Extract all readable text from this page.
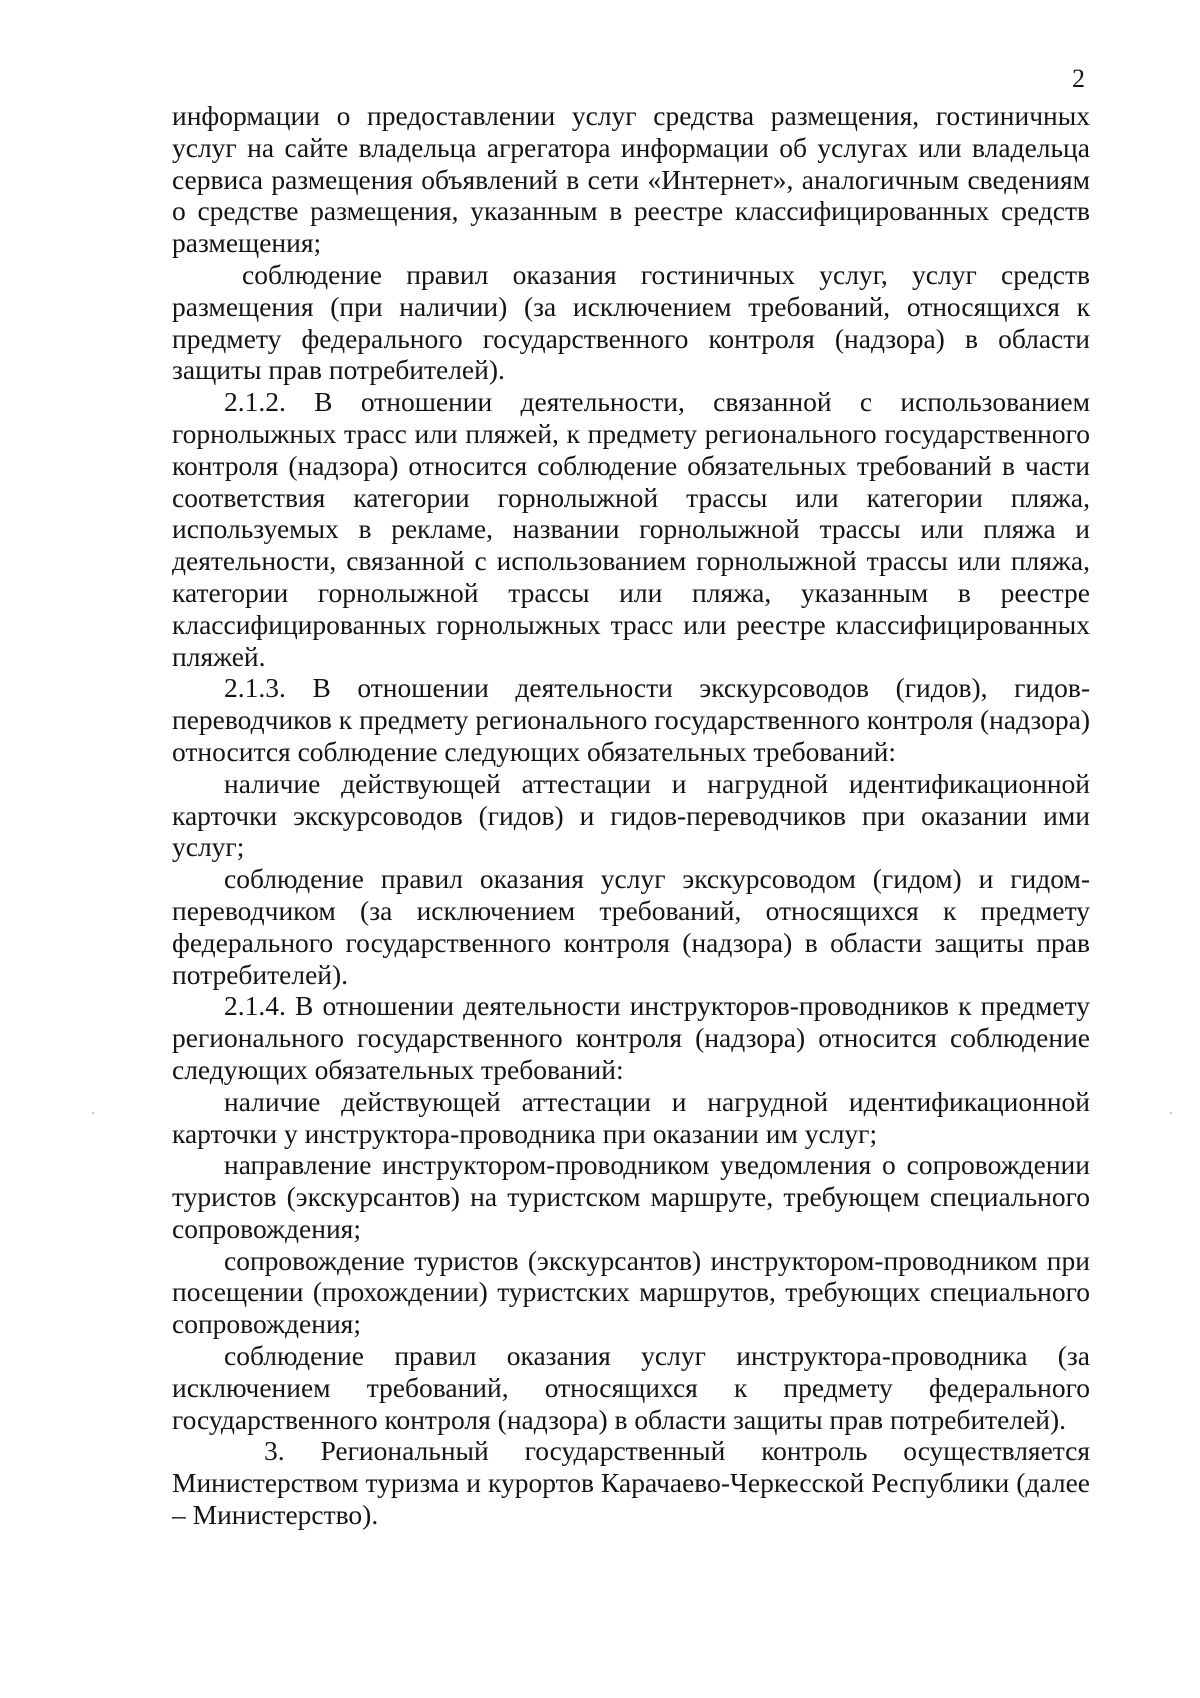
2

информации о предоставлении услуг средства размещения, гостиничных услуг на сайте владельца агрегатора информации об услугах или владельца сервиса размещения объявлений в сети «Интернет», аналогичным сведениям о средстве размещения, указанным в реестре классифицированных средств размещения;

соблюдение правил оказания гостиничных услуг, услуг средств размещения (при наличии) (за исключением требований, относящихся к предмету федерального государственного контроля (надзора) в области защиты прав потребителей).

2.1.2. В отношении деятельности, связанной с использованием горнолыжных трасс или пляжей, к предмету регионального государственного контроля (надзора) относится соблюдение обязательных требований в части соответствия категории горнолыжной трассы или категории пляжа, используемых в рекламе, названии горнолыжной трассы или пляжа и деятельности, связанной с использованием горнолыжной трассы или пляжа, категории горнолыжной трассы или пляжа, указанным в реестре классифицированных горнолыжных трасс или реестре классифицированных пляжей.

2.1.3. В отношении деятельности экскурсоводов (гидов), гидов-переводчиков к предмету регионального государственного контроля (надзора) относится соблюдение следующих обязательных требований:

наличие действующей аттестации и нагрудной идентификационной карточки экскурсоводов (гидов) и гидов-переводчиков при оказании ими услуг;

соблюдение правил оказания услуг экскурсоводом (гидом) и гидом-переводчиком (за исключением требований, относящихся к предмету федерального государственного контроля (надзора) в области защиты прав потребителей).

2.1.4. В отношении деятельности инструкторов-проводников к предмету регионального государственного контроля (надзора) относится соблюдение следующих обязательных требований:

наличие действующей аттестации и нагрудной идентификационной карточки у инструктора-проводника при оказании им услуг;

направление инструктором-проводником уведомления о сопровождении туристов (экскурсантов) на туристском маршруте, требующем специального сопровождения;

сопровождение туристов (экскурсантов) инструктором-проводником при посещении (прохождении) туристских маршрутов, требующих специального сопровождения;

соблюдение правил оказания услуг инструктора-проводника (за исключением требований, относящихся к предмету федерального государственного контроля (надзора) в области защиты прав потребителей).

3. Региональный государственный контроль осуществляется Министерством туризма и курортов Карачаево-Черкесской Республики (далее – Министерство).
